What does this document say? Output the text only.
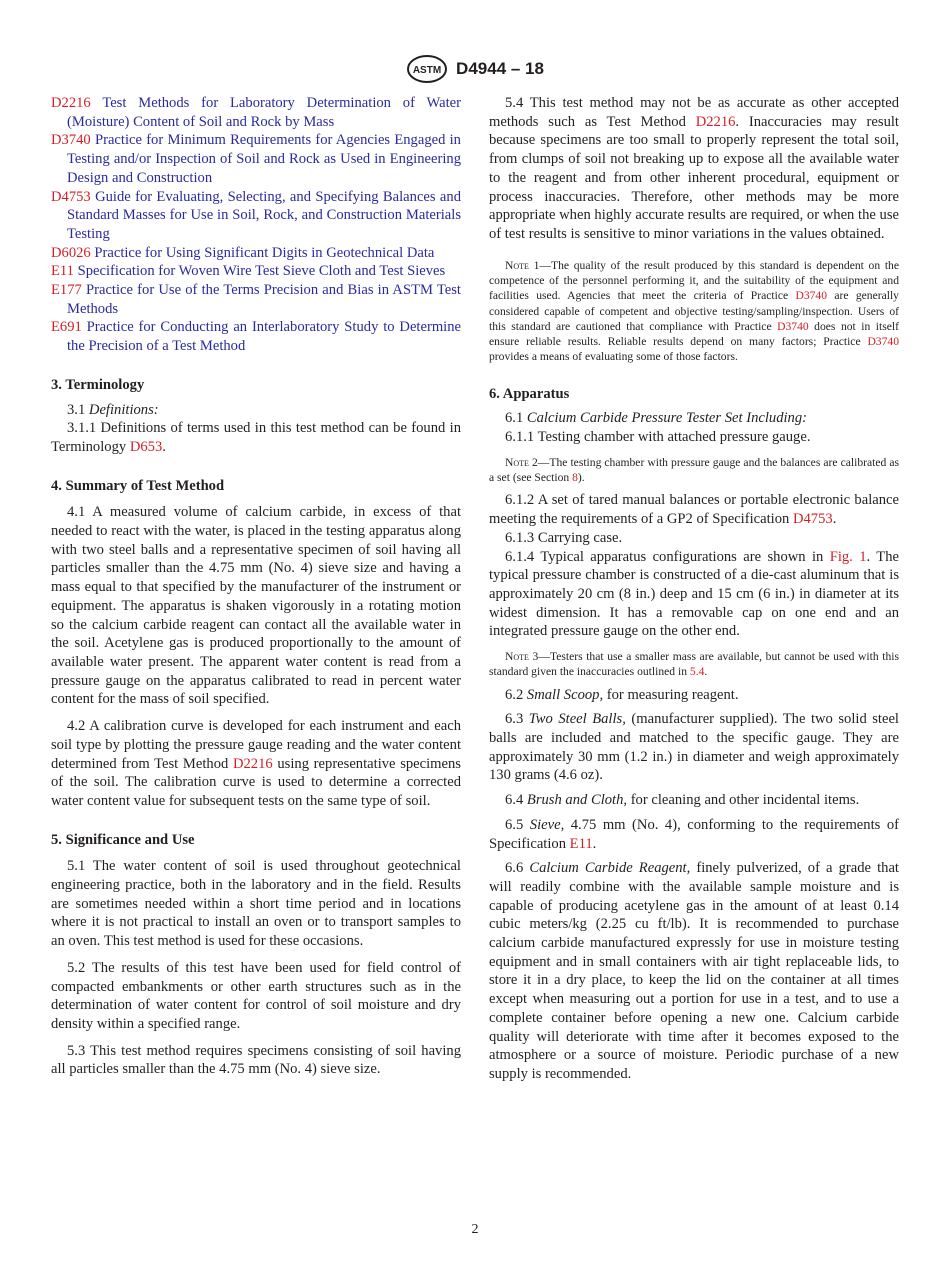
ASTM D4944 – 18

D2216 Test Methods for Laboratory Determination of Water (Moisture) Content of Soil and Rock by Mass

D3740 Practice for Minimum Requirements for Agencies Engaged in Testing and/or Inspection of Soil and Rock as Used in Engineering Design and Construction

D4753 Guide for Evaluating, Selecting, and Specifying Balances and Standard Masses for Use in Soil, Rock, and Construction Materials Testing

D6026 Practice for Using Significant Digits in Geotechnical Data

E11 Specification for Woven Wire Test Sieve Cloth and Test Sieves

E177 Practice for Use of the Terms Precision and Bias in ASTM Test Methods

E691 Practice for Conducting an Interlaboratory Study to Determine the Precision of a Test Method

3. Terminology

3.1 Definitions:

3.1.1 Definitions of terms used in this test method can be found in Terminology D653.

4. Summary of Test Method

4.1 A measured volume of calcium carbide, in excess of that needed to react with the water, is placed in the testing apparatus along with two steel balls and a representative specimen of soil having all particles smaller than the 4.75 mm (No. 4) sieve size and having a mass equal to that specified by the manufacturer of the instrument or equipment. The apparatus is shaken vigorously in a rotating motion so the calcium carbide reagent can contact all the available water in the soil. Acetylene gas is produced proportionally to the amount of available water present. The apparent water content is read from a pressure gauge on the apparatus calibrated to read in percent water content for the mass of soil specified.

4.2 A calibration curve is developed for each instrument and each soil type by plotting the pressure gauge reading and the water content determined from Test Method D2216 using representative specimens of the soil. The calibration curve is used to determine a corrected water content value for subsequent tests on the same type of soil.

5. Significance and Use

5.1 The water content of soil is used throughout geotechnical engineering practice, both in the laboratory and in the field. Results are sometimes needed within a short time period and in locations where it is not practical to install an oven or to transport samples to an oven. This test method is used for these occasions.

5.2 The results of this test have been used for field control of compacted embankments or other earth structures such as in the determination of water content for control of soil moisture and dry density within a specified range.

5.3 This test method requires specimens consisting of soil having all particles smaller than the 4.75 mm (No. 4) sieve size.

5.4 This test method may not be as accurate as other accepted methods such as Test Method D2216. Inaccuracies may result because specimens are too small to properly represent the total soil, from clumps of soil not breaking up to expose all the available water to the reagent and from other inherent procedural, equipment or process inaccuracies. Therefore, other methods may be more appropriate when highly accurate results are required, or when the use of test results is sensitive to minor variations in the values obtained.

Note 1—The quality of the result produced by this standard is dependent on the competence of the personnel performing it, and the suitability of the equipment and facilities used. Agencies that meet the criteria of Practice D3740 are generally considered capable of competent and objective testing/sampling/inspection. Users of this standard are cautioned that compliance with Practice D3740 does not in itself ensure reliable results. Reliable results depend on many factors; Practice D3740 provides a means of evaluating some of those factors.

6. Apparatus

6.1 Calcium Carbide Pressure Tester Set Including:

6.1.1 Testing chamber with attached pressure gauge.

Note 2—The testing chamber with pressure gauge and the balances are calibrated as a set (see Section 8).

6.1.2 A set of tared manual balances or portable electronic balance meeting the requirements of a GP2 of Specification D4753.

6.1.3 Carrying case.

6.1.4 Typical apparatus configurations are shown in Fig. 1. The typical pressure chamber is constructed of a die-cast aluminum that is approximately 20 cm (8 in.) deep and 15 cm (6 in.) in diameter at its widest dimension. It has a removable cap on one end and an integrated pressure gauge on the other end.

Note 3—Testers that use a smaller mass are available, but cannot be used with this standard given the inaccuracies outlined in 5.4.

6.2 Small Scoop, for measuring reagent.

6.3 Two Steel Balls, (manufacturer supplied). The two solid steel balls are included and matched to the specific gauge. They are approximately 30 mm (1.2 in.) in diameter and weigh approximately 130 grams (4.6 oz).

6.4 Brush and Cloth, for cleaning and other incidental items.

6.5 Sieve, 4.75 mm (No. 4), conforming to the requirements of Specification E11.

6.6 Calcium Carbide Reagent, finely pulverized, of a grade that will readily combine with the available sample moisture and is capable of producing acetylene gas in the amount of at least 0.14 cubic meters/kg (2.25 cu ft/lb). It is recommended to purchase calcium carbide manufactured expressly for use in moisture testing equipment and in small containers with air tight replaceable lids, to store it in a dry place, to keep the lid on the container at all times except when measuring out a portion for use in a test, and to use a complete container before opening a new one. Calcium carbide quality will deteriorate with time after it becomes exposed to the atmosphere or a source of moisture. Periodic purchase of a new supply is recommended.

2
